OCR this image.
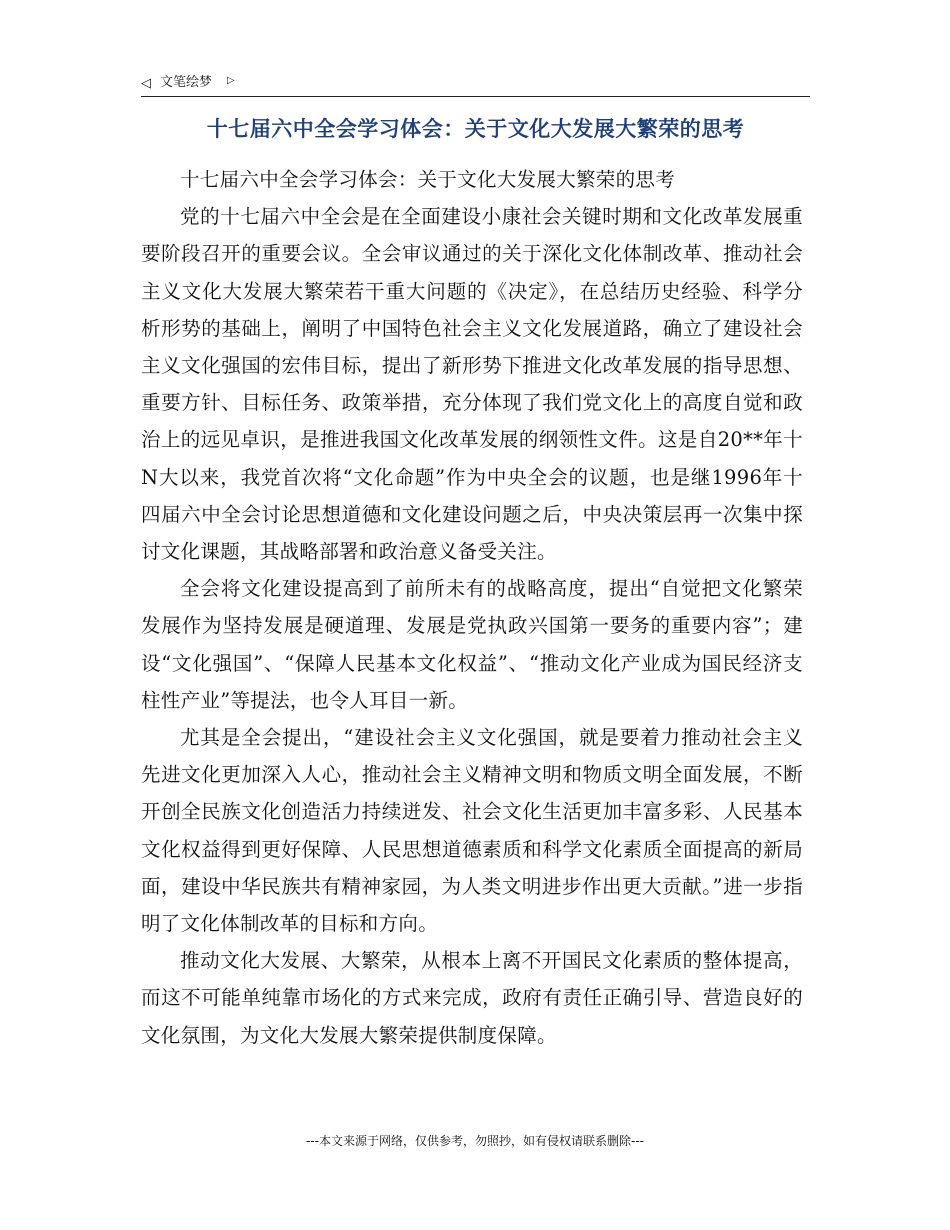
◁ 文笔绘梦 ▷
十七届六中全会学习体会：关于文化大发展大繁荣的思考

十七届六中全会学习体会：关于文化大发展大繁荣的思考

党的十七届六中全会是在全面建设小康社会关键时期和文化改革发展重要阶段召开的重要会议。全会审议通过的关于深化文化体制改革、推动社会主义文化大发展大繁荣若干重大问题的《决定》，在总结历史经验、科学分析形势的基础上，阐明了中国特色社会主义文化发展道路，确立了建设社会主义文化强国的宏伟目标，提出了新形势下推进文化改革发展的指导思想、重要方针、目标任务、政策举措，充分体现了我们党文化上的高度自觉和政治上的远见卓识，是推进我国文化改革发展的纲领性文件。这是自20**年十N大以来，我党首次将“文化命题”作为中央全会的议题，也是继1996年十四届六中全会讨论思想道德和文化建设问题之后，中央决策层再一次集中探讨文化课题，其战略部署和政治意义备受关注。

全会将文化建设提高到了前所未有的战略高度，提出“自觉把文化繁荣发展作为坚持发展是硬道理、发展是党执政兴国第一要务的重要内容”；建设“文化强国”、“保障人民基本文化权益”、“推动文化产业成为国民经济支柱性产业”等提法，也令人耳目一新。

尤其是全会提出，“建设社会主义文化强国，就是要着力推动社会主义先进文化更加深入人心，推动社会主义精神文明和物质文明全面发展，不断开创全民族文化创造活力持续迸发、社会文化生活更加丰富多彩、人民基本文化权益得到更好保障、人民思想道德素质和科学文化素质全面提高的新局面，建设中华民族共有精神家园，为人类文明进步作出更大贡献。”进一步指明了文化体制改革的目标和方向。

推动文化大发展、大繁荣，从根本上离不开国民文化素质的整体提高，而这不可能单纯靠市场化的方式来完成，政府有责任正确引导、营造良好的文化氛围，为文化大发展大繁荣提供制度保障。

---本文来源于网络，仅供参考，勿照抄，如有侵权请联系删除---
